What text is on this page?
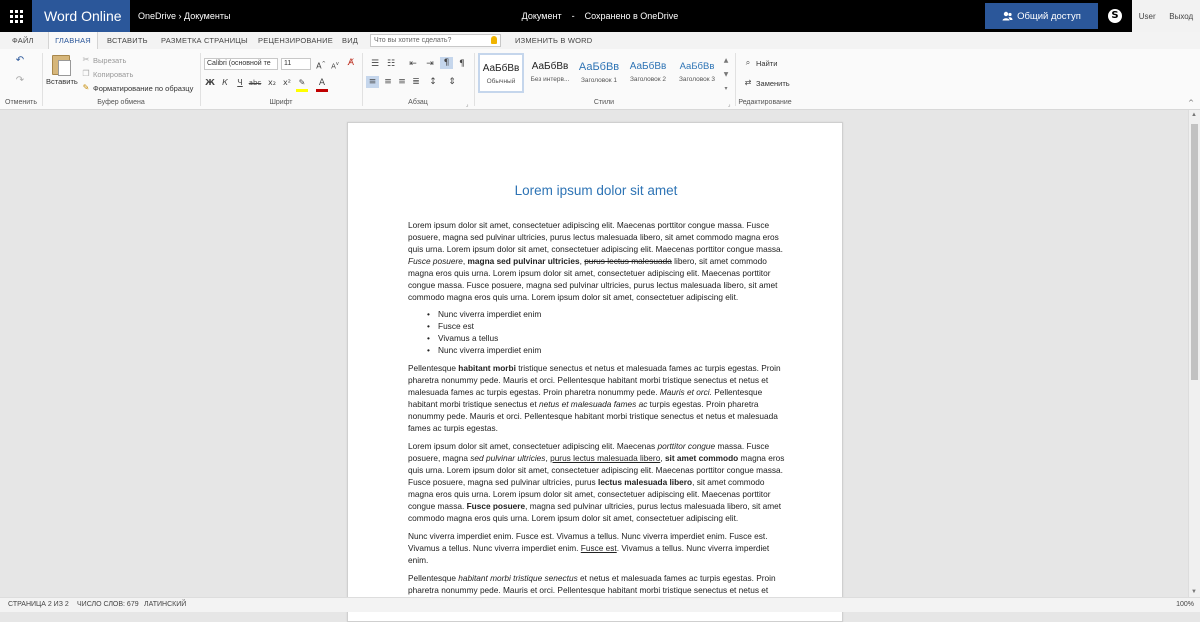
Word Online	OneDrive › Документы	Документ - Сохранено в OneDrive	Общий доступ	S	User Выход
ФАЙЛ	ГЛАВНАЯ	ВСТАВИТЬ РАЗМЕТКА СТРАНИЦЫ РЕЦЕНЗИРОВАНИЕ ВИД	Что вы хотите сделать?	ИЗМЕНИТЬ В WORD
↶
↷
Отменить
Вставить
✂ Вырезать
❐ Копировать
✎ Форматирование по образцу
Буфер обмена
Calibri (основной те	11	A^ $A^v$	A̸
Ж К	Ч abc x₂ x² ✎	A
Шрифт
☰ ☷ ⇤ ⇥	¶	¶
≡ ≡ ≡ ≣	↕	⇕
Абзац	⌟
АаБбВв
Обычный
АаБбВв
Без интерв...
АаБбВв
Заголовок 1
АаБбВв
Заголовок 2
АаБбВв
Заголовок 3
▲
▼
▾
Стили	⌟
⌕ Найти
⇄ Заменить
Редактирование	^
Lorem ipsum dolor sit amet
Lorem ipsum dolor sit amet, consectetuer adipiscing elit. Maecenas porttitor congue massa. Fusce posuere, magna sed pulvinar ultricies, purus lectus malesuada libero, sit amet commodo magna eros quis urna. Lorem ipsum dolor sit amet, consectetuer adipiscing elit. Maecenas porttitor congue massa. Fusce posuere, magna sed pulvinar ultricies, purus lectus malesuada libero, sit amet commodo magna eros quis urna. Lorem ipsum dolor sit amet, consectetuer adipiscing elit. Maecenas porttitor congue massa. Fusce posuere, magna sed pulvinar ultricies, purus lectus malesuada libero, sit amet commodo magna eros quis urna. Lorem ipsum dolor sit amet, consectetuer adipiscing elit.
• Nunc viverra imperdiet enim
• Fusce est
• Vivamus a tellus
• Nunc viverra imperdiet enim
Pellentesque habitant morbi tristique senectus et netus et malesuada fames ac turpis egestas. Proin pharetra nonummy pede. Mauris et orci. Pellentesque habitant morbi tristique senectus et netus et malesuada fames ac turpis egestas. Proin pharetra nonummy pede. Mauris et orci. Pellentesque habitant morbi tristique senectus et netus et malesuada fames ac turpis egestas. Proin pharetra nonummy pede. Mauris et orci. Pellentesque habitant morbi tristique senectus et netus et malesuada fames ac turpis egestas.
Lorem ipsum dolor sit amet, consectetuer adipiscing elit. Maecenas porttitor congue massa. Fusce posuere, magna sed pulvinar ultricies, purus lectus malesuada libero, sit amet commodo magna eros quis urna. Lorem ipsum dolor sit amet, consectetuer adipiscing elit. Maecenas porttitor congue massa. Fusce posuere, magna sed pulvinar ultricies, purus lectus malesuada libero, sit amet commodo magna eros quis urna. Lorem ipsum dolor sit amet, consectetuer adipiscing elit. Maecenas porttitor congue massa. Fusce posuere, magna sed pulvinar ultricies, purus lectus malesuada libero, sit amet commodo magna eros quis urna. Lorem ipsum dolor sit amet, consectetuer adipiscing elit.
Nunc viverra imperdiet enim. Fusce est. Vivamus a tellus. Nunc viverra imperdiet enim. Fusce est. Vivamus a tellus. Nunc viverra imperdiet enim. Fusce est. Vivamus a tellus. Nunc viverra imperdiet enim.
Pellentesque habitant morbi tristique senectus et netus et malesuada fames ac turpis egestas. Proin pharetra nonummy pede. Mauris et orci. Pellentesque habitant morbi tristique senectus et netus et
▲
▼
СТРАНИЦА 2 ИЗ 2 ЧИСЛО СЛОВ: 679 ЛАТИНСКИЙ	100%
